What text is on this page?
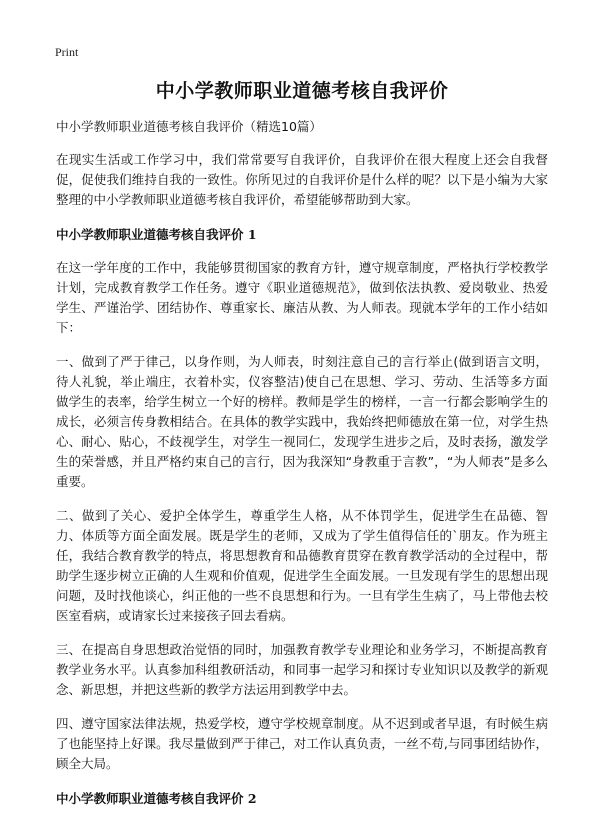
Print
中小学教师职业道德考核自我评价
中小学教师职业道德考核自我评价（精选10篇）

在现实生活或工作学习中，我们常常要写自我评价，自我评价在很大程度上还会自我督促，促使我们维持自我的一致性。你所见过的自我评价是什么样的呢？以下是小编为大家整理的中小学教师职业道德考核自我评价，希望能够帮助到大家。

中小学教师职业道德考核自我评价 1

在这一学年度的工作中，我能够贯彻国家的教育方针，遵守规章制度，严格执行学校教学计划，完成教育教学工作任务。遵守《职业道德规范》，做到依法执教、爱岗敬业、热爱学生、严谨治学、团结协作、尊重家长、廉洁从教、为人师表。现就本学年的工作小结如下：

一、做到了严于律己，以身作则，为人师表，时刻注意自己的言行举止(做到语言文明，待人礼貌，举止端庄，衣着朴实，仪容整洁)使自己在思想、学习、劳动、生活等多方面做学生的表率，给学生树立一个好的榜样。教师是学生的榜样，一言一行都会影响学生的成长，必须言传身教相结合。在具体的教学实践中，我始终把师德放在第一位，对学生热心、耐心、贴心，不歧视学生，对学生一视同仁，发现学生进步之后，及时表扬，激发学生的荣誉感，并且严格约束自己的言行，因为我深知“身教重于言教”，“为人师表”是多么重要。

二、做到了关心、爱护全体学生，尊重学生人格，从不体罚学生，促进学生在品德、智力、体质等方面全面发展。既是学生的老师，又成为了学生值得信任的`朋友。作为班主任，我结合教育教学的特点，将思想教育和品德教育贯穿在教育教学活动的全过程中，帮助学生逐步树立正确的人生观和价值观，促进学生全面发展。一旦发现有学生的思想出现问题，及时找他谈心，纠正他的一些不良思想和行为。一旦有学生生病了，马上带他去校医室看病，或请家长过来接孩子回去看病。

三、在提高自身思想政治觉悟的同时，加强教育教学专业理论和业务学习，不断提高教育教学业务水平。认真参加科组教研活动，和同事一起学习和探讨专业知识以及教学的新观念、新思想，并把这些新的教学方法运用到教学中去。

四、遵守国家法律法规，热爱学校，遵守学校规章制度。从不迟到或者早退，有时候生病了也能坚持上好课。我尽量做到严于律己，对工作认真负责，一丝不苟,与同事团结协作，顾全大局。

中小学教师职业道德考核自我评价 2
